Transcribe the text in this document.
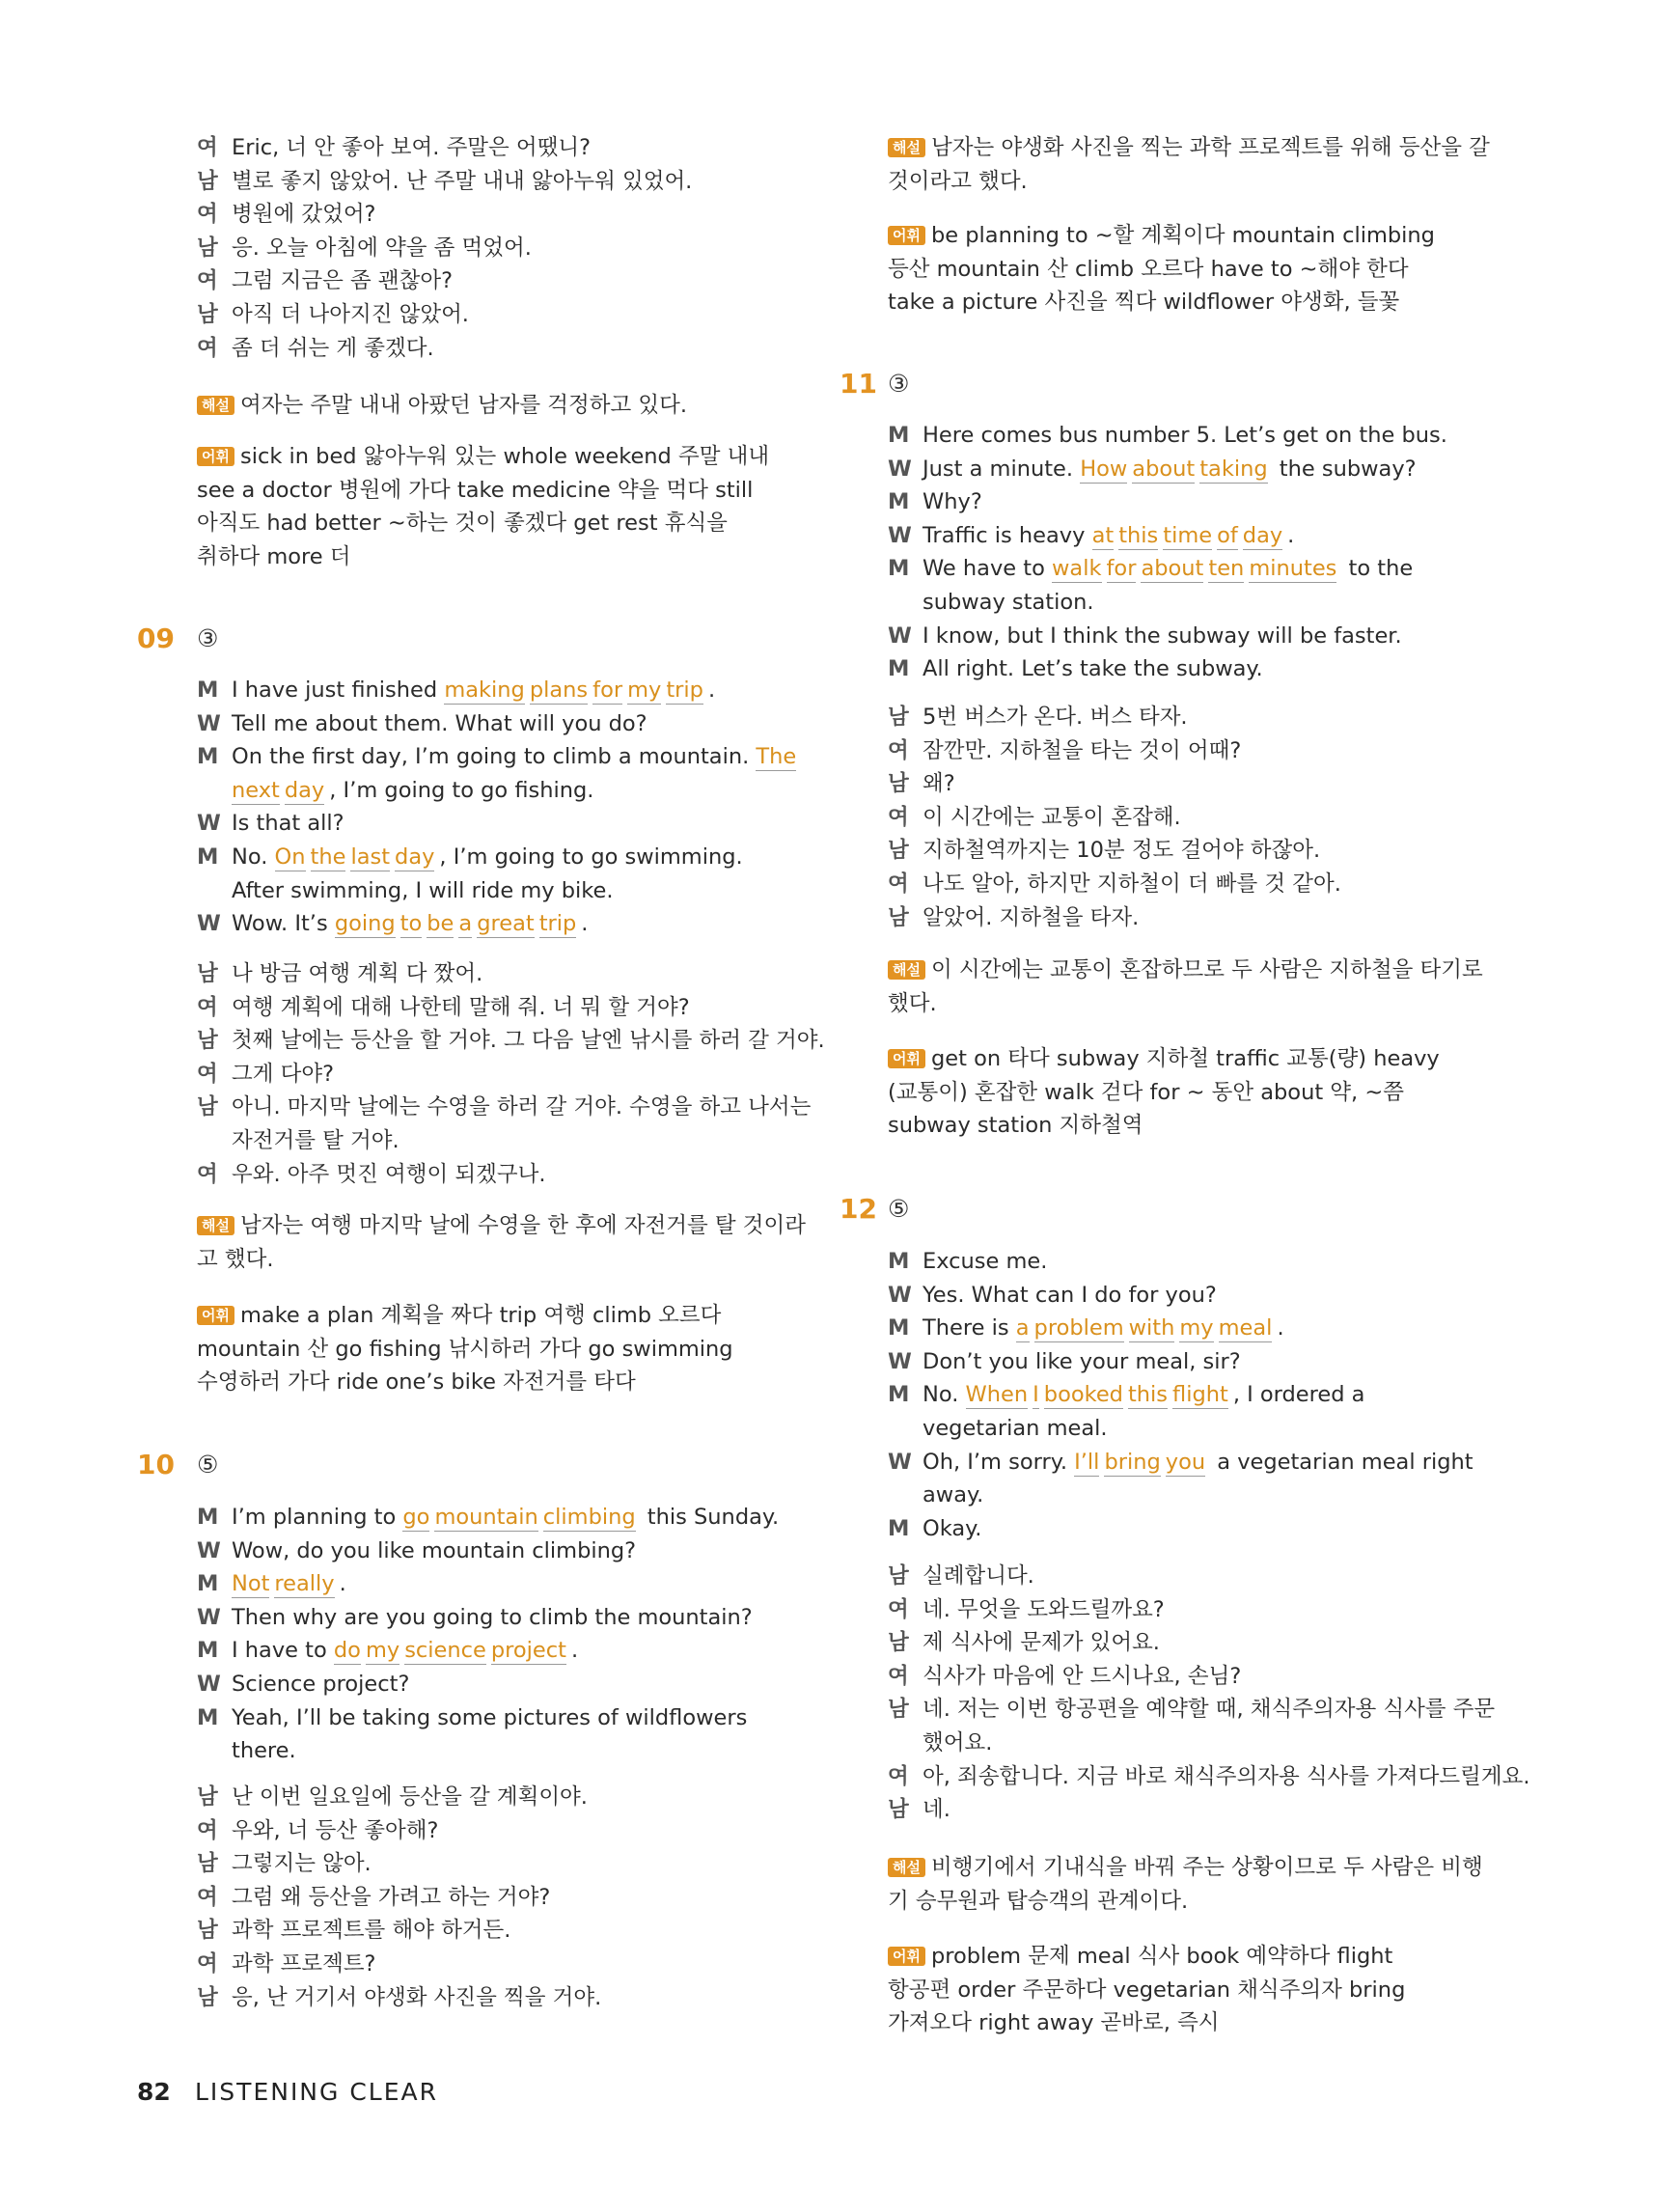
여 Eric, 너 안 좋아 보여. 주말은 어땠니?
남 별로 좋지 않았어. 난 주말 내내 앓아누워 있었어.
여 병원에 갔었어?
남 응. 오늘 아침에 약을 좀 먹었어.
여 그럼 지금은 좀 괜찮아?
남 아직 더 나아지진 않았어.
여 좀 더 쉬는 게 좋겠다.
해설 여자는 주말 내내 아팠던 남자를 걱정하고 있다.
어휘 sick in bed 앓아누워 있는 whole weekend 주말 내내
see a doctor 병원에 가다 take medicine 약을 먹다 still
아직도 had better ~하는 것이 좋겠다 get rest 휴식을
취하다 more 더
09 ③
M I have just finished making plans for my trip .
W Tell me about them. What will you do?
M On the first day, I’m going to climb a mountain. The
next day , I’m going to go fishing.
W Is that all?
M No. On the last day , I’m going to go swimming.
After swimming, I will ride my bike.
W Wow. It’s going to be a great trip .
남 나 방금 여행 계획 다 짰어.
여 여행 계획에 대해 나한테 말해 줘. 너 뭐 할 거야?
남 첫째 날에는 등산을 할 거야. 그 다음 날엔 낚시를 하러 갈 거야.
여 그게 다야?
남 아니. 마지막 날에는 수영을 하러 갈 거야. 수영을 하고 나서는
자전거를 탈 거야.
여 우와. 아주 멋진 여행이 되겠구나.
해설 남자는 여행 마지막 날에 수영을 한 후에 자전거를 탈 것이라
고 했다.
어휘 make a plan 계획을 짜다 trip 여행 climb 오르다
mountain 산 go fishing 낚시하러 가다 go swimming
수영하러 가다 ride one’s bike 자전거를 타다
10 ⑤
M I’m planning to go mountain climbing this Sunday.
W Wow, do you like mountain climbing?
M Not really .
W Then why are you going to climb the mountain?
M I have to do my science project .
W Science project?
M Yeah, I’ll be taking some pictures of wildflowers
there.
남 난 이번 일요일에 등산을 갈 계획이야.
여 우와, 너 등산 좋아해?
남 그렇지는 않아.
여 그럼 왜 등산을 가려고 하는 거야?
남 과학 프로젝트를 해야 하거든.
여 과학 프로젝트?
남 응, 난 거기서 야생화 사진을 찍을 거야.
해설 남자는 야생화 사진을 찍는 과학 프로젝트를 위해 등산을 갈
것이라고 했다.
어휘 be planning to ~할 계획이다 mountain climbing
등산 mountain 산 climb 오르다 have to ~해야 한다
take a picture 사진을 찍다 wildflower 야생화, 들꽃
11 ③
M Here comes bus number 5. Let’s get on the bus.
W Just a minute. How about taking the subway?
M Why?
W Traffic is heavy at this time of day .
M We have to walk for about ten minutes to the
subway station.
W I know, but I think the subway will be faster.
M All right. Let’s take the subway.
남 5번 버스가 온다. 버스 타자.
여 잠깐만. 지하철을 타는 것이 어때?
남 왜?
여 이 시간에는 교통이 혼잡해.
남 지하철역까지는 10분 정도 걸어야 하잖아.
여 나도 알아, 하지만 지하철이 더 빠를 것 같아.
남 알았어. 지하철을 타자.
해설 이 시간에는 교통이 혼잡하므로 두 사람은 지하철을 타기로
했다.
어휘 get on 타다 subway 지하철 traffic 교통(량) heavy
(교통이) 혼잡한 walk 걷다 for ~ 동안 about 약, ~쯤
subway station 지하철역
12 ⑤
M Excuse me.
W Yes. What can I do for you?
M There is a problem with my meal .
W Don’t you like your meal, sir?
M No. When I booked this flight , I ordered a
vegetarian meal.
W Oh, I’m sorry. I’ll bring you a vegetarian meal right
away.
M Okay.
남 실례합니다.
여 네. 무엇을 도와드릴까요?
남 제 식사에 문제가 있어요.
여 식사가 마음에 안 드시나요, 손님?
남 네. 저는 이번 항공편을 예약할 때, 채식주의자용 식사를 주문
했어요.
여 아, 죄송합니다. 지금 바로 채식주의자용 식사를 가져다드릴게요.
남 네.
해설 비행기에서 기내식을 바꿔 주는 상황이므로 두 사람은 비행
기 승무원과 탑승객의 관계이다.
어휘 problem 문제 meal 식사 book 예약하다 flight
항공편 order 주문하다 vegetarian 채식주의자 bring
가져오다 right away 곧바로, 즉시
82 LISTENING CLEAR
